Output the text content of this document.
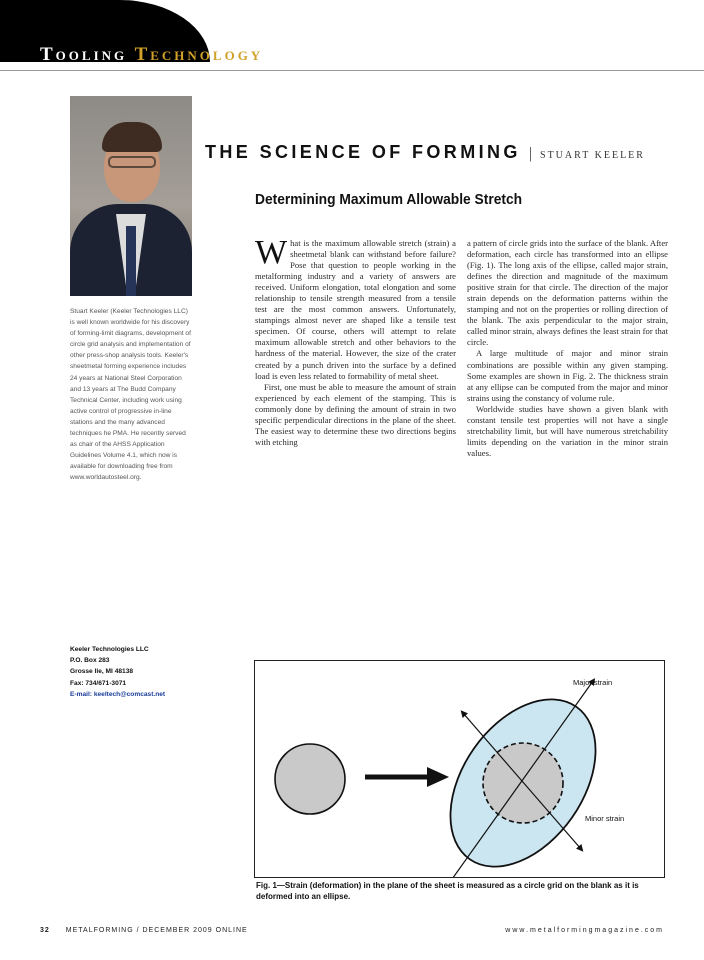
Tooling Technology
Stuart Keeler (Keeler Technologies LLC) is well known worldwide for his discovery of forming-limit diagrams, development of circle grid analysis and implementation of other press-shop analysis tools. Keeler's sheetmetal forming experience includes 24 years at National Steel Corporation and 13 years at The Budd Company Technical Center, including work using active control of progressive in-line stations and the many advanced techniques he PMA. He recently served as chair of the AHSS Application Guidelines Volume 4.1, which now is available for downloading free from www.worldautosteel.org.
Keeler Technologies LLC
P.O. Box 283
Grosse Ile, MI 48138
Fax: 734/671-3071
E-mail: keeltech@comcast.net
THE SCIENCE OF FORMING | STUART KEELER
Determining Maximum Allowable Stretch

What is the maximum allowable stretch (strain) a sheetmetal blank can withstand before failure? Pose that question to people working in the metalforming industry and a variety of answers are received. Uniform elongation, total elongation and some relationship to tensile strength measured from a tensile test are the most common answers. Unfortunately, stampings almost never are shaped like a tensile test specimen. Of course, others will attempt to relate maximum allowable stretch and other behaviors to the hardness of the material. However, the size of the crater created by a punch driven into the surface by a defined load is even less related to formability of metal sheet.

First, one must be able to measure the amount of strain experienced by each element of the stamping. This is commonly done by defining the amount of strain in two specific perpendicular directions in the plane of the sheet. The easiest way to determine these two directions begins with etching

a pattern of circle grids into the surface of the blank. After deformation, each circle has transformed into an ellipse (Fig. 1). The long axis of the ellipse, called major strain, defines the direction and magnitude of the maximum positive strain for that circle. The direction of the major strain depends on the deformation patterns within the stamping and not on the properties or rolling direction of the blank. The axis perpendicular to the major strain, called minor strain, always defines the least strain for that circle.

A large multitude of major and minor strain combinations are possible within any given stamping. Some examples are shown in Fig. 2. The thickness strain at any ellipse can be computed from the major and minor strains using the constancy of volume rule.

Worldwide studies have shown a given blank with constant tensile test properties will not have a single stretchability limit, but will have numerous stretchability limits depending on the variation in the minor strain values.

Major strain
Minor strain
Fig. 1—Strain (deformation) in the plane of the sheet is measured as a circle grid on the blank as it is deformed into an ellipse.
32 METALFORMING / DECEMBER 2009 ONLINE	www.metalformingmagazine.com
